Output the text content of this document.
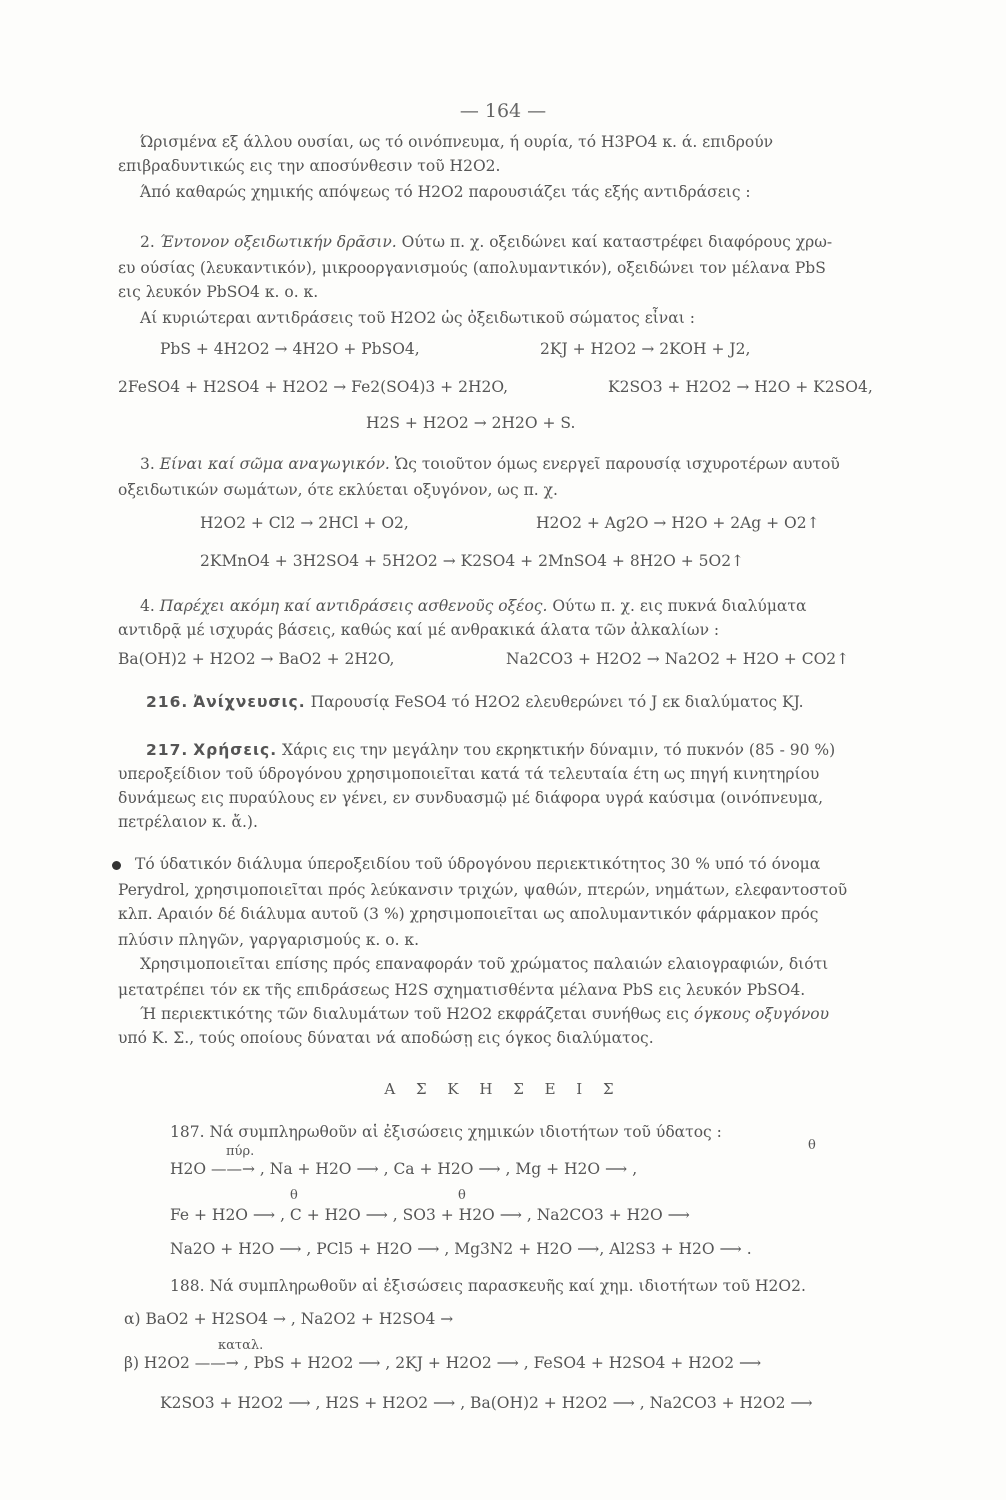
— 164 —
Ώρισμένα εξ άλλου ουσίαι, ως τό οινόπνευμα, ή ουρία, τό H3PO4 κ. ά. επιδρούν
επιβραδυντικώς εις την αποσύνθεσιν τοῦ H2O2.
Άπό καθαρώς χημικής απόψεως τό H2O2 παρουσιάζει τάς εξής αντιδράσεις :
2. Έντονον οξειδωτικήν δρᾶσιν. Ούτω π. χ. οξειδώνει καί καταστρέφει διαφόρους χρω-
ευ oύσίας (λευκαντικόν), μικροοργανισμούς (απολυμαντικόν), οξειδώνει τον μέλανα PbS
εις λευκόν PbSO4 κ. ο. κ.
Αί κυριώτεραι αντιδράσεις τοῦ H2O2 ὡς ὀξειδωτικοῦ σώματος εἶναι :
PbS + 4H2O2 → 4H2O + PbSO4,	2KJ + H2O2 → 2KOH + J2,
2FeSO4 + H2SO4 + H2O2 → Fe2(SO4)3 + 2H2O,	K2SO3 + H2O2 → H2O + K2SO4,
H2S + H2O2 → 2H2O + S.
3. Είναι καί σῶμα αναγωγικόν. Ὡς τοιοῦτον όμως ενεργεῖ παρουσίᾳ ισχυροτέρων αυτοῦ
οξειδωτικών σωμάτων, ότε εκλύεται οξυγόνον, ως π. χ.
H2O2 + Cl2 → 2HCl + O2,	H2O2 + Ag2O → H2O + 2Ag + O2↑
2KMnO4 + 3H2SO4 + 5H2O2 → K2SO4 + 2MnSO4 + 8H2O + 5O2↑
4. Παρέχει ακόμη καί αντιδράσεις ασθενοῦς οξέος. Ούτω π. χ. εις πυκνά διαλύματα
αντιδρᾷ μέ ισχυράς βάσεις, καθώς καί μέ ανθρακικά άλατα τῶν ἀλκαλίων :
Ba(OH)2 + H2O2 → BaO2 + 2H2O,	Na2CO3 + H2O2 → Na2O2 + H2O + CO2↑
216. Ἀνίχνευσις. Παρουσίᾳ FeSO4 τό H2O2 ελευθερώνει τό J εκ διαλύματος KJ.
217. Χρήσεις. Χάρις εις την μεγάλην του εκρηκτικήν δύναμιν, τό πυκνόν (85 - 90 %)
υπεροξείδιον τοῦ ύδρογόνου χρησιμοποιεῖται κατά τά τελευταία έτη ως πηγή κινητηρίου
δυνάμεως εις πυραύλους εν γένει, εν συνδυασμῷ μέ διάφορα υγρά καύσιμα (οινόπνευμα,
πετρέλαιον κ. ἄ.).
Τό ύδατικόν διάλυμα ύπεροξειδίου τοῦ ύδρογόνου περιεκτικότητος 30 % υπό τό όνομα
Perydrol, χρησιμοποιεῖται πρός λεύκανσιν τριχών, ψαθών, πτερών, νημάτων, ελεφαντοστοῦ
κλπ. Αραιόν δέ διάλυμα αυτοῦ (3 %) χρησιμοποιεῖται ως απολυμαντικόν φάρμακον πρός
πλύσιν πληγῶν, γαργαρισμούς κ. ο. κ.
Χρησιμοποιεῖται επίσης πρός επαναφοράν τοῦ χρώματος παλαιών ελαιογραφιών, διότι
μετατρέπει τόν εκ τῆς επιδράσεως H2S σχηματισθέντα μέλανα PbS εις λευκόν PbSO4.
Ή περιεκτικότης τῶν διαλυμάτων τοῦ H2O2 εκφράζεται συνήθως εις όγκους οξυγόνου
υπό Κ. Σ., τούς οποίους δύναται νά αποδώσῃ εις όγκος διαλύματος.
Α Σ Κ Η Σ Ε Ι Σ
187. Νά συμπληρωθοῦν αἱ ἐξισώσεις χημικών ιδιοτήτων τοῦ ύδατος :
πύρ.	θ
H2O ——→ , Na + H2O ⟶ , Ca + H2O ⟶ , Mg + H2O ⟶ ,
θ	θ
Fe + H2O ⟶ , C + H2O ⟶ , SO3 + H2O ⟶ , Na2CO3 + H2O ⟶
Na2O + H2O ⟶ , PCl5 + H2O ⟶ , Mg3N2 + H2O ⟶, Al2S3 + H2O ⟶ .
188. Νά συμπληρωθοῦν αἱ ἐξισώσεις παρασκευῆς καί χημ. ιδιοτήτων τοῦ H2O2.
α) BaO2 + H2SO4 → , Na2O2 + H2SO4 →
καταλ.
β) H2O2 ——→ , PbS + H2O2 ⟶ , 2KJ + H2O2 ⟶ , FeSO4 + H2SO4 + H2O2 ⟶
K2SO3 + H2O2 ⟶ , H2S + H2O2 ⟶ , Ba(OH)2 + H2O2 ⟶ , Na2CO3 + H2O2 ⟶
